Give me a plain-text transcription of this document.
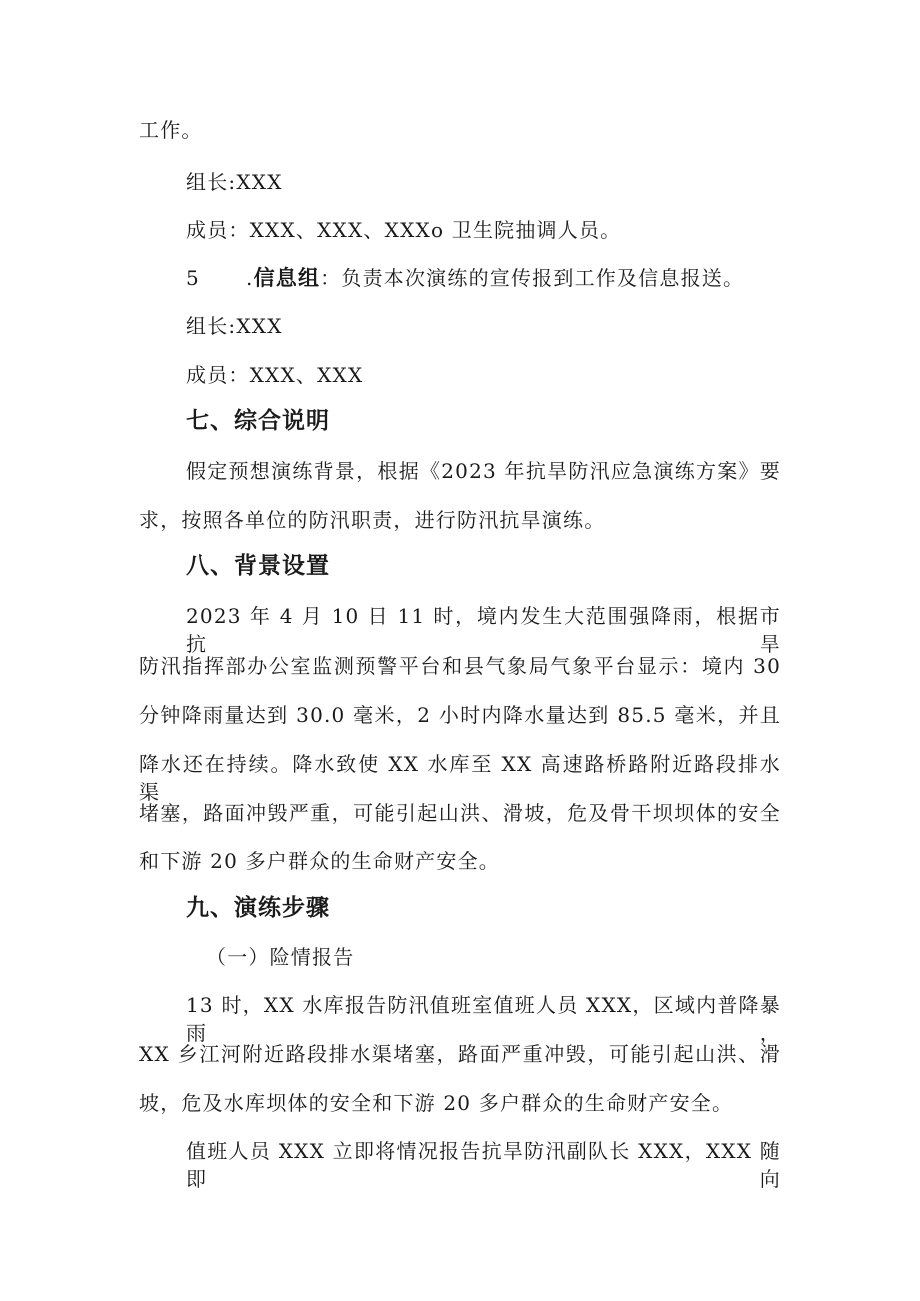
工作。

组长:XXX

成员：XXX、XXX、XXXo 卫生院抽调人员。

5 .信息组：负责本次演练的宣传报到工作及信息报送。

组长:XXX

成员：XXX、XXX

七、综合说明

假定预想演练背景，根据《2023 年抗旱防汛应急演练方案》要

求，按照各单位的防汛职责，进行防汛抗旱演练。

八、背景设置

2023 年 4 月 10 日 11 时，境内发生大范围强降雨，根据市抗旱

防汛指挥部办公室监测预警平台和县气象局气象平台显示：境内 30

分钟降雨量达到 30.0 毫米，2 小时内降水量达到 85.5 毫米，并且

降水还在持续。降水致使 XX 水库至 XX 高速路桥路附近路段排水渠

堵塞，路面冲毁严重，可能引起山洪、滑坡，危及骨干坝坝体的安全

和下游 20 多户群众的生命财产安全。

九、演练步骤

（一）险情报告

13 时，XX 水库报告防汛值班室值班人员 XXX，区域内普降暴雨，

XX 乡江河附近路段排水渠堵塞，路面严重冲毁，可能引起山洪、滑

坡，危及水库坝体的安全和下游 20 多户群众的生命财产安全。

值班人员 XXX 立即将情况报告抗旱防汛副队长 XXX，XXX 随即向
